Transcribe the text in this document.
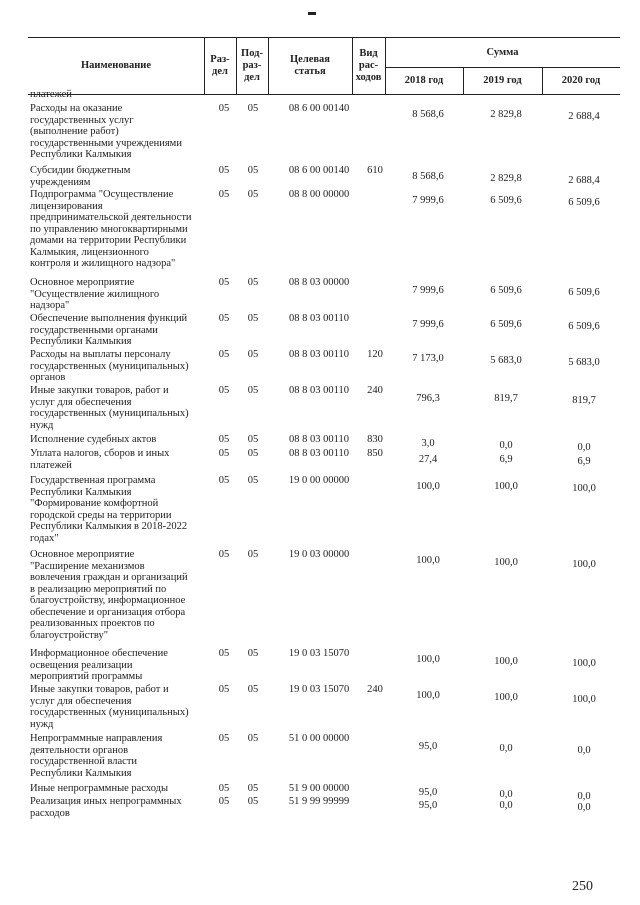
Наименование
Раз-
дел
Под-
раз-
дел
Целевая
статья
Вид
рас-
ходов
Сумма
2018 год	2019 год	2020 год
платежей
Расходы на оказание
государственных услуг
(выполнение работ)
государственными учреждениями
Республики Калмыкия
05	05	08 6 00 00140
8 568,6	2 829,8	2 688,4
Субсидии бюджетным
учреждениям
05	05	08 6 00 00140	610
8 568,6	2 829,8	2 688,4
Подпрограмма "Осуществление
лицензирования
предпринимательской деятельности
по управлению многоквартирными
домами на территории Республики
Калмыкия, лицензионного
контроля и жилищного надзора"
05	05	08 8 00 00000
7 999,6	6 509,6	6 509,6
Основное мероприятие
"Осуществление жилищного
надзора"
05	05	08 8 03 00000
7 999,6	6 509,6	6 509,6
Обеспечение выполнения функций
государственными органами
Республики Калмыкия
05	05	08 8 03 00110
7 999,6	6 509,6	6 509,6
Расходы на выплаты персоналу
государственных (муниципальных)
органов
05	05	08 8 03 00110	120	7 173,0	5 683,0	5 683,0
Иные закупки товаров, работ и
услуг для обеспечения
государственных (муниципальных)
нужд
05	05	08 8 03 00110	240
796,3	819,7	819,7
Исполнение судебных актов	05	05	08 8 03 00110	830	3,0	0,0	0,0
Уплата налогов, сборов и иных
платежей
05	05	08 8 03 00110	850
27,4	6,9	6,9
Государственная программа
Республики Калмыкия
"Формирование комфортной
городской среды на территории
Республики Калмыкия в 2018-2022
годах"
05	05	19 0 00 00000
100,0	100,0	100,0
Основное мероприятие
"Расширение механизмов
вовлечения граждан и организаций
в реализацию мероприятий по
благоустройству, информационное
обеспечение и организация отбора
реализованных проектов по
благоустройству"
05	05	19 0 03 00000
100,0	100,0	100,0
Информационное обеспечение
освещения реализации
мероприятий программы
05	05	19 0 03 15070
100,0	100,0	100,0
Иные закупки товаров, работ и
услуг для обеспечения
государственных (муниципальных)
нужд
05	05	19 0 03 15070	240
100,0	100,0	100,0
Непрограммные направления
деятельности органов
государственной власти
Республики Калмыкия
05	05	51 0 00 00000
95,0	0,0	0,0
Иные непрограммные расходы	05	05	51 9 00 00000	95,0	0,0	0,0
Реализация иных непрограммных
расходов
05	05	51 9 99 99999	95,0	0,0	0,0
250
